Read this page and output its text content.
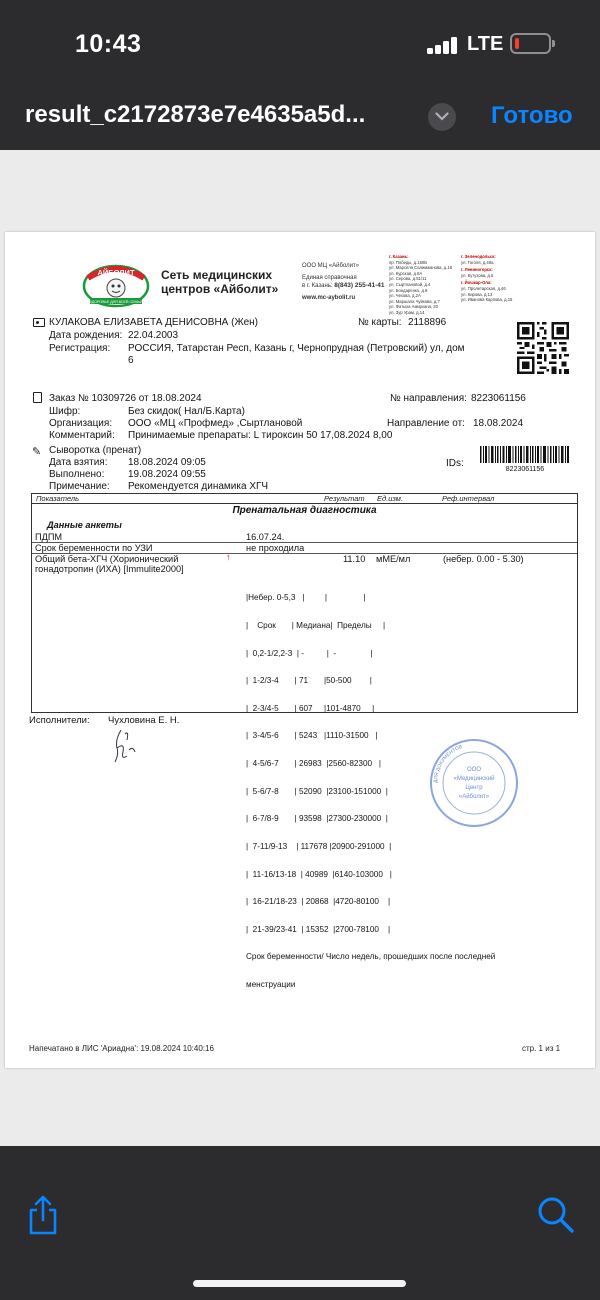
10:43	LTE
result_c2172873e7e4635a5d...	Готово
АЙБОЛИТ
ЗДОРОВЬЕ ДЛЯ ВСЕЙ СЕМЬИ
Сеть медицинских
центров «Айболит»
ООО МЦ «Айболит»
Единая справочная
в г. Казань: 8(843) 255-41-41
www.mc-aybolit.ru
г. Казань:
пр. Победы, д.160Б
ул. Марселя Салимжанова, д.16
ул. Курская, д.8А
ул. Серова, д.51/11
ул. Сыртлановой, д.4
ул. Бондаренко, д.9
ул. Чехова, д.2А
ул. Маршала Чуйкова, д.7
ул. Фатыха Амирхана, 20
ул. Зур Урам, д.14
г. Зеленодольск:
ул. Гоголя, д.49а
г. Лениногорск:
ул. Кутузова, д.5
г. Йошкар-Ола:
ул. Пролетарская, д.46
ул. Кирова, д.13
ул. Иванова Карпова, д.15
КУЛАКОВА ЕЛИЗАВЕТА ДЕНИСОВНА (Жен)	№ карты: 2118896
Дата рождения: 22.04.2003
Регистрация: РОССИЯ, Татарстан Респ, Казань г, Чернопрудная (Петровский) ул, дом
6
Заказ № 10309726 от 18.08.2024	№ направления: 8223061156
Шифр:	Без скидок( Нал/Б.Карта)
Организация: ООО «МЦ «Профмед» ,Сыртлановой	Направление от: 18.08.2024
Комментарий: Принимаемые препараты: L тироксин 50 17,08.2024 8,00
✎ Сыворотка (пренат)
Дата взятия: 18.08.2024 09:05
Выполнено: 19.08.2024 09:55
Примечание: Рекомендуется динамика ХГЧ
IDs:
8223061156
Показатель	Результат Ед.изм.	Реф.интервал
Пренатальная диагностика
Данные анкеты
ПДПМ	16.07.24.
Срок беременности по УЗИ	не проходила
Общий бета-ХГЧ (Хорионический
гонадотропин (ИХА) [Immulite2000]
↑	11.10 мМЕ/мл	(небер. 0.00 - 5.30)

|Небер. 0-5,3   |         |                |

|    Срок       | Медиана|  Пределы     |

|  0,2-1/2,2-3  | -          |  -               |

|  1-2/3-4       | 71       |50-500        |

|  2-3/4-5       | 607     |101-4870     |

|  3-4/5-6       | 5243   |1110-31500   |

|  4-5/6-7       | 26983  |2560-82300   |

|  5-6/7-8       | 52090  |23100-151000  |

|  6-7/8-9       | 93598  |27300-230000  |

|  7-11/9-13    | 117678 |20900-291000  |

|  11-16/13-18  | 40989  |6140-103000   |

|  16-21/18-23  | 20868  |4720-80100    |

|  21-39/23-41  | 15352  |2700-78100    |

Срок беременности/ Число недель, прошедших после последней

менструации

Исполнители: Чухловина Е. Н.
ДЛЯ ДОКУМЕНТОВ
ООО
«Медицинский
Центр
«Айболит»
Напечатано в ЛИС 'Ариадна': 19.08.2024 10:40:16	стр. 1 из 1
